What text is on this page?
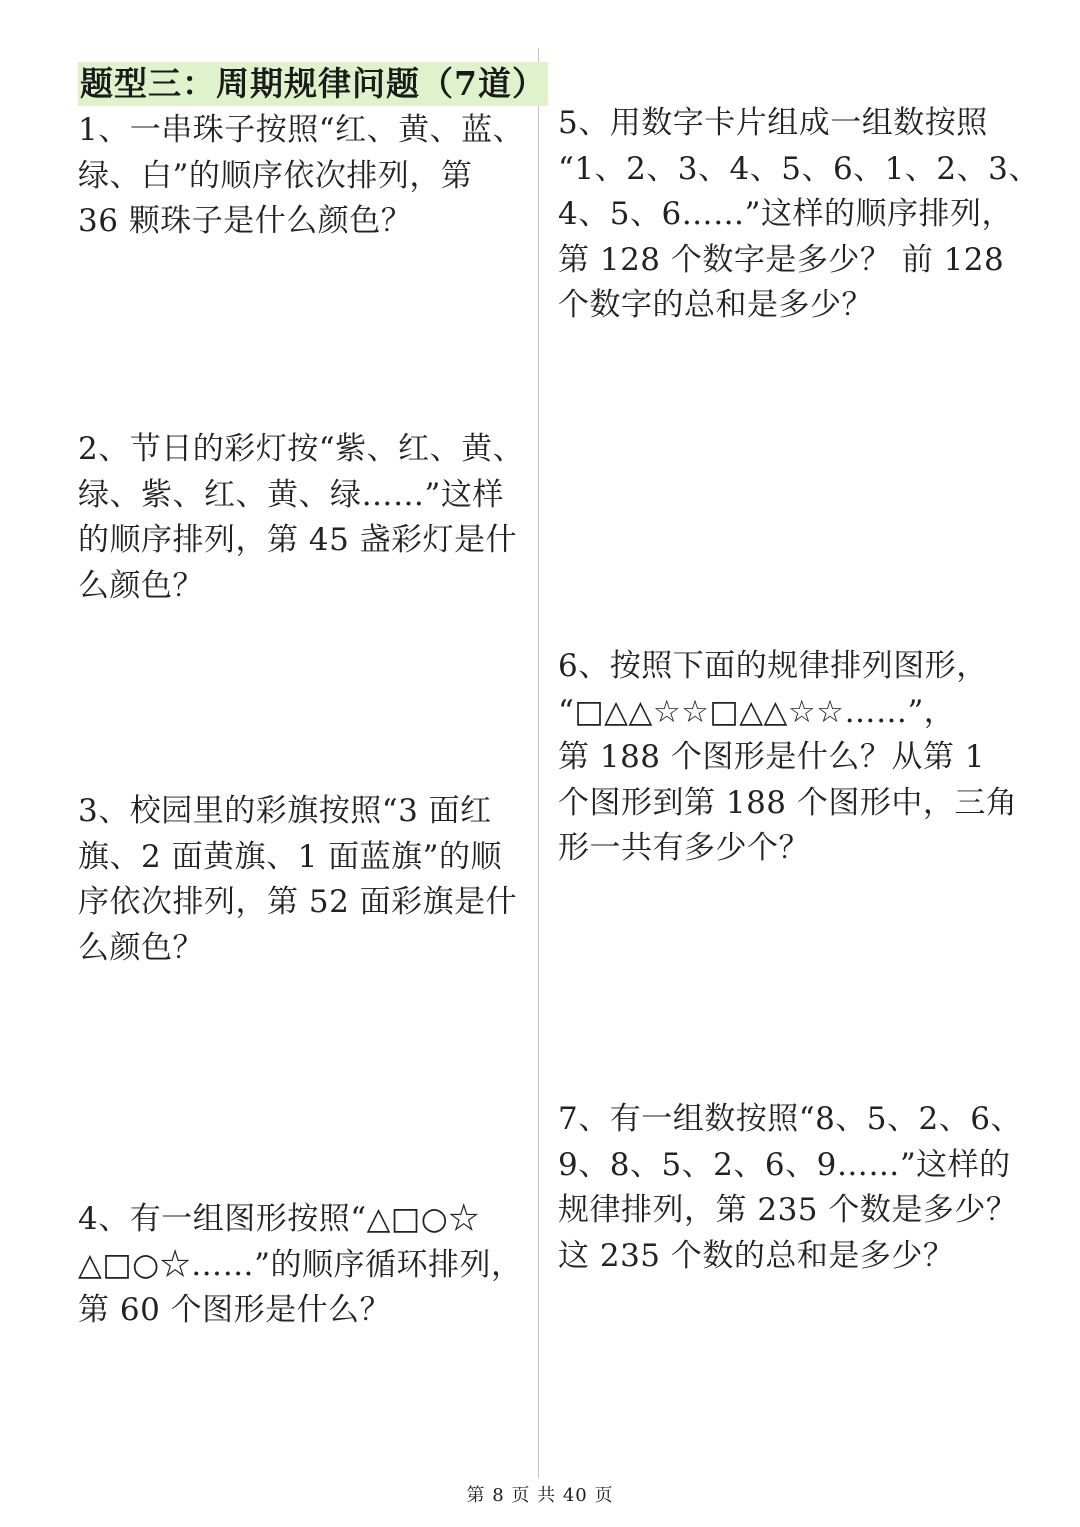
题型三：周期规律问题（7道）
1、一串珠子按照“红、黄、蓝、
绿、白”的顺序依次排列，第
36 颗珠子是什么颜色？
2、节日的彩灯按“紫、红、黄、
绿、紫、红、黄、绿……”这样
的顺序排列，第 45 盏彩灯是什
么颜色？
3、校园里的彩旗按照“3 面红
旗、2 面黄旗、1 面蓝旗”的顺
序依次排列，第 52 面彩旗是什
么颜色？
4、有一组图形按照“△□○☆
△□○☆……”的顺序循环排列，
第 60 个图形是什么？
5、用数字卡片组成一组数按照
“1、2、3、4、5、6、1、2、3、
4、5、6……”这样的顺序排列，
第 128 个数字是多少？ 前 128
个数字的总和是多少？
6、按照下面的规律排列图形，
“□△△☆☆□△△☆☆……”，
第 188 个图形是什么？从第 1
个图形到第 188 个图形中，三角
形一共有多少个？
7、有一组数按照“8、5、2、6、
9、8、5、2、6、9……”这样的
规律排列，第 235 个数是多少？
这 235 个数的总和是多少？
第 8 页 共 40 页
